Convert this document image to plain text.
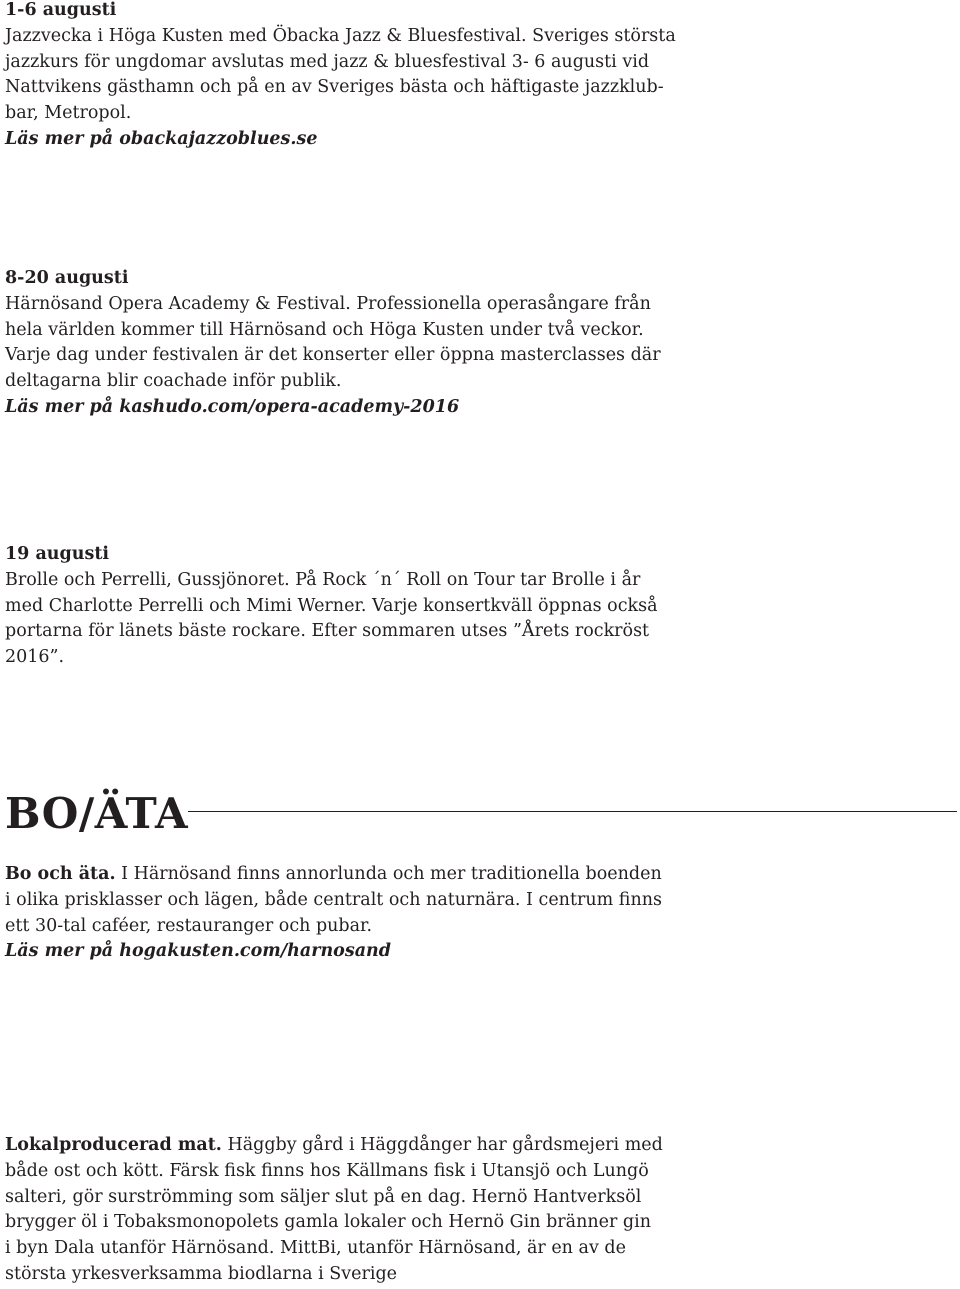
1-6 augusti
Jazzvecka i Höga Kusten med Öbacka Jazz & Bluesfestival. Sveriges största
jazzkurs för ungdomar avslutas med jazz & bluesfestival 3- 6 augusti vid
Nattvikens gästhamn och på en av Sveriges bästa och häftigaste jazzklub-
bar, Metropol.
Läs mer på obackajazzoblues.se
8-20 augusti
Härnösand Opera Academy & Festival. Professionella operasångare från
hela världen kommer till Härnösand och Höga Kusten under två veckor.
Varje dag under festivalen är det konserter eller öppna masterclasses där
deltagarna blir coachade inför publik.
Läs mer på kashudo.com/opera-academy-2016
19 augusti
Brolle och Perrelli, Gussjönoret. På Rock ´n´ Roll on Tour tar Brolle i år
med Charlotte Perrelli och Mimi Werner. Varje konsertkväll öppnas också
portarna för länets bäste rockare. Efter sommaren utses ”Årets rockröst
2016”.
BO/ÄTA
Bo och äta. I Härnösand finns annorlunda och mer traditionella boenden
i olika prisklasser och lägen, både centralt och naturnära. I centrum finns
ett 30-tal caféer, restauranger och pubar.
Läs mer på hogakusten.com/harnosand
Lokalproducerad mat. Häggby gård i Häggdånger har gårdsmejeri med
både ost och kött. Färsk fisk finns hos Källmans fisk i Utansjö och Lungö
salteri, gör surströmming som säljer slut på en dag. Hernö Hantverksöl
brygger öl i Tobaksmonopolets gamla lokaler och Hernö Gin bränner gin
i byn Dala utanför Härnösand. MittBi, utanför Härnösand, är en av de
största yrkesverksamma biodlarna i Sverige
